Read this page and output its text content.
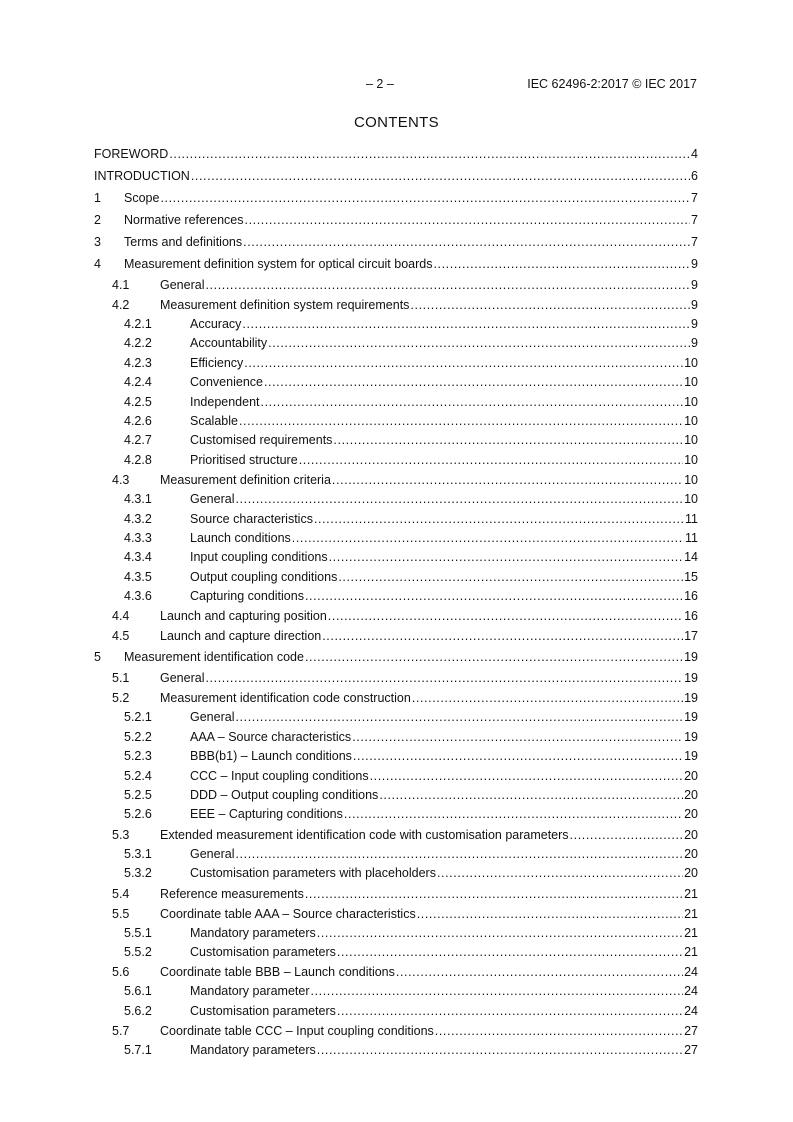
– 2 –	IEC 62496-2:2017 © IEC 2017
CONTENTS
FOREWORD .....	4
INTRODUCTION .....	6
1	Scope .....	7
2	Normative references .....	7
3	Terms and definitions .....	7
4	Measurement definition system for optical circuit boards .....	9
4.1	General .....	9
4.2	Measurement definition system requirements .....	9
4.2.1	Accuracy .....	9
4.2.2	Accountability .....	9
4.2.3	Efficiency .....	10
4.2.4	Convenience .....	10
4.2.5	Independent .....	10
4.2.6	Scalable .....	10
4.2.7	Customised requirements .....	10
4.2.8	Prioritised structure .....	10
4.3	Measurement definition criteria .....	10
4.3.1	General .....	10
4.3.2	Source characteristics .....	11
4.3.3	Launch conditions .....	11
4.3.4	Input coupling conditions .....	14
4.3.5	Output coupling conditions .....	15
4.3.6	Capturing conditions .....	16
4.4	Launch and capturing position .....	16
4.5	Launch and capture direction .....	17
5	Measurement identification code .....	19
5.1	General .....	19
5.2	Measurement identification code construction .....	19
5.2.1	General .....	19
5.2.2	AAA – Source characteristics .....	19
5.2.3	BBB(b1) – Launch conditions .....	19
5.2.4	CCC – Input coupling conditions .....	20
5.2.5	DDD – Output coupling conditions .....	20
5.2.6	EEE – Capturing conditions .....	20
5.3	Extended measurement identification code with customisation parameters .....	20
5.3.1	General .....	20
5.3.2	Customisation parameters with placeholders .....	20
5.4	Reference measurements .....	21
5.5	Coordinate table AAA – Source characteristics .....	21
5.5.1	Mandatory parameters .....	21
5.5.2	Customisation parameters .....	21
5.6	Coordinate table BBB – Launch conditions .....	24
5.6.1	Mandatory parameter .....	24
5.6.2	Customisation parameters .....	24
5.7	Coordinate table CCC – Input coupling conditions .....	27
5.7.1	Mandatory parameters .....	27
